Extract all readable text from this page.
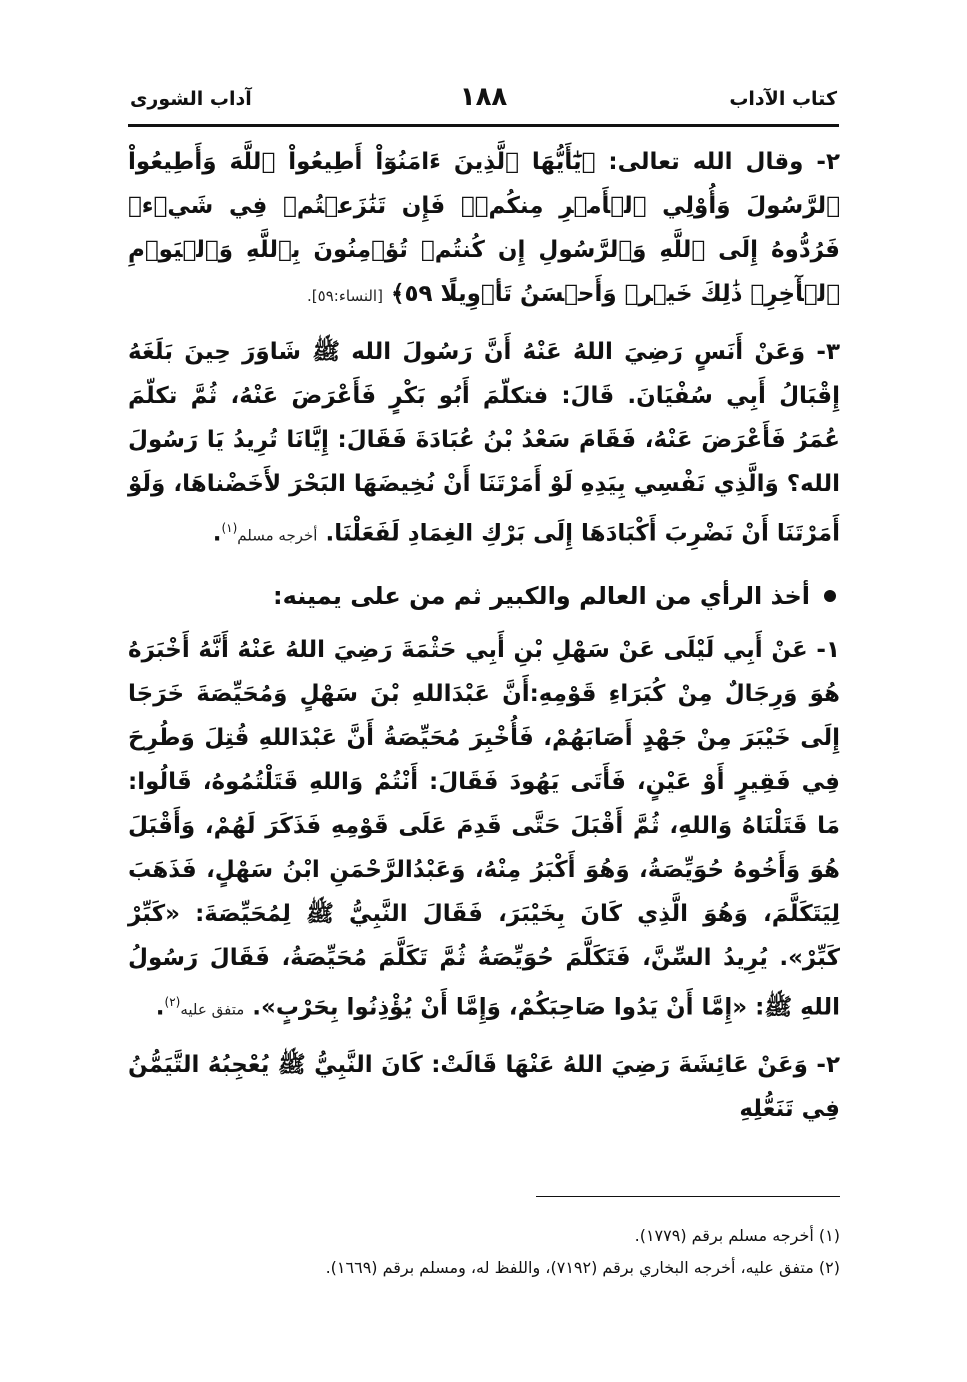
كتاب الآداب
١٨٨
آداب الشورى

٢- وقال الله تعالى: ﴿يَٰٓأَيُّهَا ٱلَّذِينَ ءَامَنُوٓاْ أَطِيعُواْ ٱللَّهَ وَأَطِيعُواْ ٱلرَّسُولَ وَأُوْلِي ٱلۡأَمۡرِ مِنكُمۡۖ فَإِن تَنَٰزَعۡتُمۡ فِي شَيۡءٖ فَرُدُّوهُ إِلَى ٱللَّهِ وَٱلرَّسُولِ إِن كُنتُمۡ تُؤۡمِنُونَ بِٱللَّهِ وَٱلۡيَوۡمِ ٱلۡأٓخِرِۚ ذَٰلِكَ خَيۡرٞ وَأَحۡسَنُ تَأۡوِيلًا ٥٩﴾ [النساء:٥٩].

٣- وَعَنْ أَنَسٍ رَضِيَ اللهُ عَنْهُ أَنَّ رَسُولَ الله ﷺ شَاوَرَ حِينَ بَلَغَهُ إِقْبَالُ أَبِي سُفْيَانَ. قَالَ: فتكلّمَ أَبُو بَكْرٍ فَأَعْرَضَ عَنْهُ، ثُمَّ تكلّمَ عُمَرُ فَأَعْرَضَ عَنْهُ، فَقَامَ سَعْدُ بْنُ عُبَادَةَ فَقَالَ: إِيَّانَا تُرِيدُ يَا رَسُولَ الله؟ وَالَّذِي نَفْسِي بِيَدِهِ لَوْ أَمَرْتَنَا أَنْ نُخِيضَهَا البَحْرَ لأَخَضْناهَا، وَلَوْ أَمَرْتَنَا أَنْ نَضْرِبَ أَكْبَادَهَا إِلَى بَرْكِ الغِمَادِ لَفَعَلْنَا. أخرجه مسلم$^{(١)}$.

أخذ الرأي من العالم والكبير ثم من على يمينه:

١- عَنْ أَبِي لَيْلَى عَنْ سَهْلِ بْنِ أَبِي حَثْمَةَ رَضِيَ اللهُ عَنْهُ أَنَّهُ أَخْبَرَهُ هُوَ وَرِجَالٌ مِنْ كُبَرَاءِ قَوْمِهِ:أَنَّ عَبْدَاللهِ بْنَ سَهْلٍ وَمُحَيِّصَةَ خَرَجَا إِلَى خَيْبَرَ مِنْ جَهْدٍ أَصَابَهُمْ، فَأُخْبِرَ مُحَيِّصَةُ أَنَّ عَبْدَاللهِ قُتِلَ وَطُرِحَ فِي فَقِيرٍ أَوْ عَيْنٍ، فَأَتَى يَهُودَ فَقَالَ: أَنْتُمْ وَاللهِ قَتَلْتُمُوهُ، قَالُوا: مَا قَتَلْنَاهُ وَاللهِ، ثُمَّ أَقْبَلَ حَتَّى قَدِمَ عَلَى قَوْمِهِ فَذَكَرَ لَهُمْ، وَأَقْبَلَ هُوَ وَأَخُوهُ حُوَيِّصَةُ، وَهُوَ أَكْبَرُ مِنْهُ، وَعَبْدُالرَّحْمَنِ ابْنُ سَهْلٍ، فَذَهَبَ لِيَتَكَلَّمَ، وَهُوَ الَّذِي كَانَ بِخَيْبَرَ، فَقَالَ النَّبِيُّ ﷺ لِمُحَيِّصَةَ: «كَبِّرْ كَبِّرْ». يُرِيدُ السِّنَّ، فَتَكَلَّمَ حُوَيِّصَةُ ثُمَّ تَكَلَّمَ مُحَيِّصَةُ، فَقَالَ رَسُولُ اللهِ ﷺ: «إِمَّا أَنْ يَدُوا صَاحِبَكُمْ، وَإِمَّا أَنْ يُؤْذِنُوا بِحَرْبٍ». متفق عليه$^{(٢)}$.

٢- وَعَنْ عَائِشَةَ رَضِيَ اللهُ عَنْهَا قَالَتْ: كَانَ النَّبِيُّ ﷺ يُعْجِبُهُ التَّيَمُّنُ فِي تَنَعُّلِهِ

(١) أخرجه مسلم برقم (١٧٧٩).

(٢) متفق عليه، أخرجه البخاري برقم (٧١٩٢)، واللفظ له، ومسلم برقم (١٦٦٩).
